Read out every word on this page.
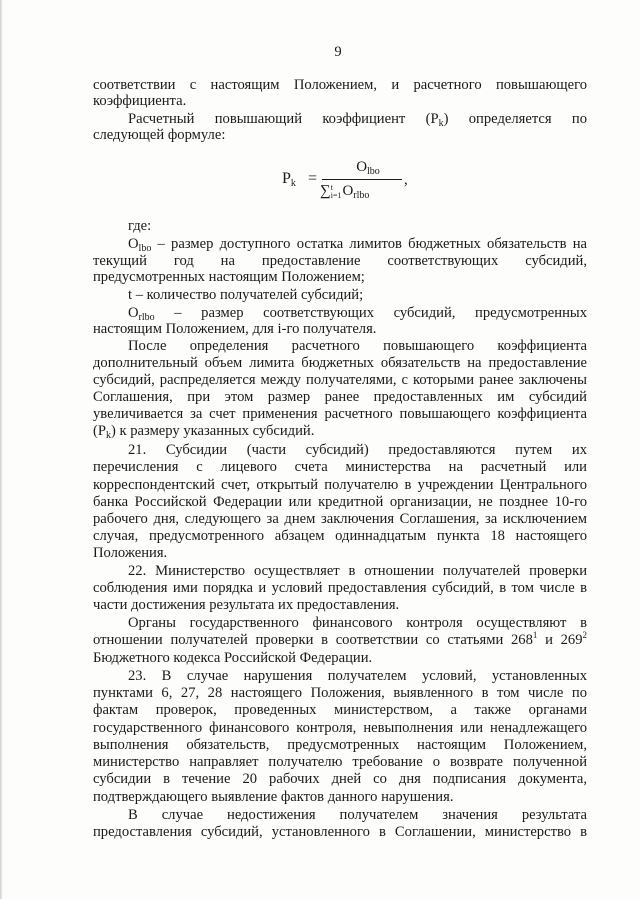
9
соответствии с настоящим Положением, и расчетного повышающего
коэффициента.
Расчетный повышающий коэффициент $(P_k)$ определяется по
следующей формуле:
где:
$O_{lbo}$ – размер доступного остатка лимитов бюджетных обязательств на
текущий год на предоставление соответствующих субсидий,
предусмотренных настоящим Положением;
t – количество получателей субсидий;
$O_{rlbo}$ – размер соответствующих субсидий, предусмотренных
настоящим Положением, для i-го получателя.
После определения расчетного повышающего коэффициента
дополнительный объем лимита бюджетных обязательств на предоставление
субсидий, распределяется между получателями, с которыми ранее заключены
Соглашения, при этом размер ранее предоставленных им субсидий
увеличивается за счет применения расчетного повышающего коэффициента
$(P_k)$ к размеру указанных субсидий.
21. Субсидии (части субсидий) предоставляются путем их
перечисления с лицевого счета министерства на расчетный или
корреспондентский счет, открытый получателю в учреждении Центрального
банка Российской Федерации или кредитной организации, не позднее 10-го
рабочего дня, следующего за днем заключения Соглашения, за исключением
случая, предусмотренного абзацем одиннадцатым пункта 18 настоящего
Положения.
22. Министерство осуществляет в отношении получателей проверки
соблюдения ими порядка и условий предоставления субсидий, в том числе в
части достижения результата их предоставления.
Органы государственного финансового контроля осуществляют в
отношении получателей проверки в соответствии со статьями $268^1$ и $269^2$
Бюджетного кодекса Российской Федерации.
23. В случае нарушения получателем условий, установленных
пунктами 6, 27, 28 настоящего Положения, выявленного в том числе по
фактам проверок, проведенных министерством, а также органами
государственного финансового контроля, невыполнения или ненадлежащего
выполнения обязательств, предусмотренных настоящим Положением,
министерство направляет получателю требование о возврате полученной
субсидии в течение 20 рабочих дней со дня подписания документа,
подтверждающего выявление фактов данного нарушения.
В случае недостижения получателем значения результата
предоставления субсидий, установленного в Соглашении, министерство в
Pk =
$O_{lbo}$
∑t
$i=1O_{rlbo}$
,
